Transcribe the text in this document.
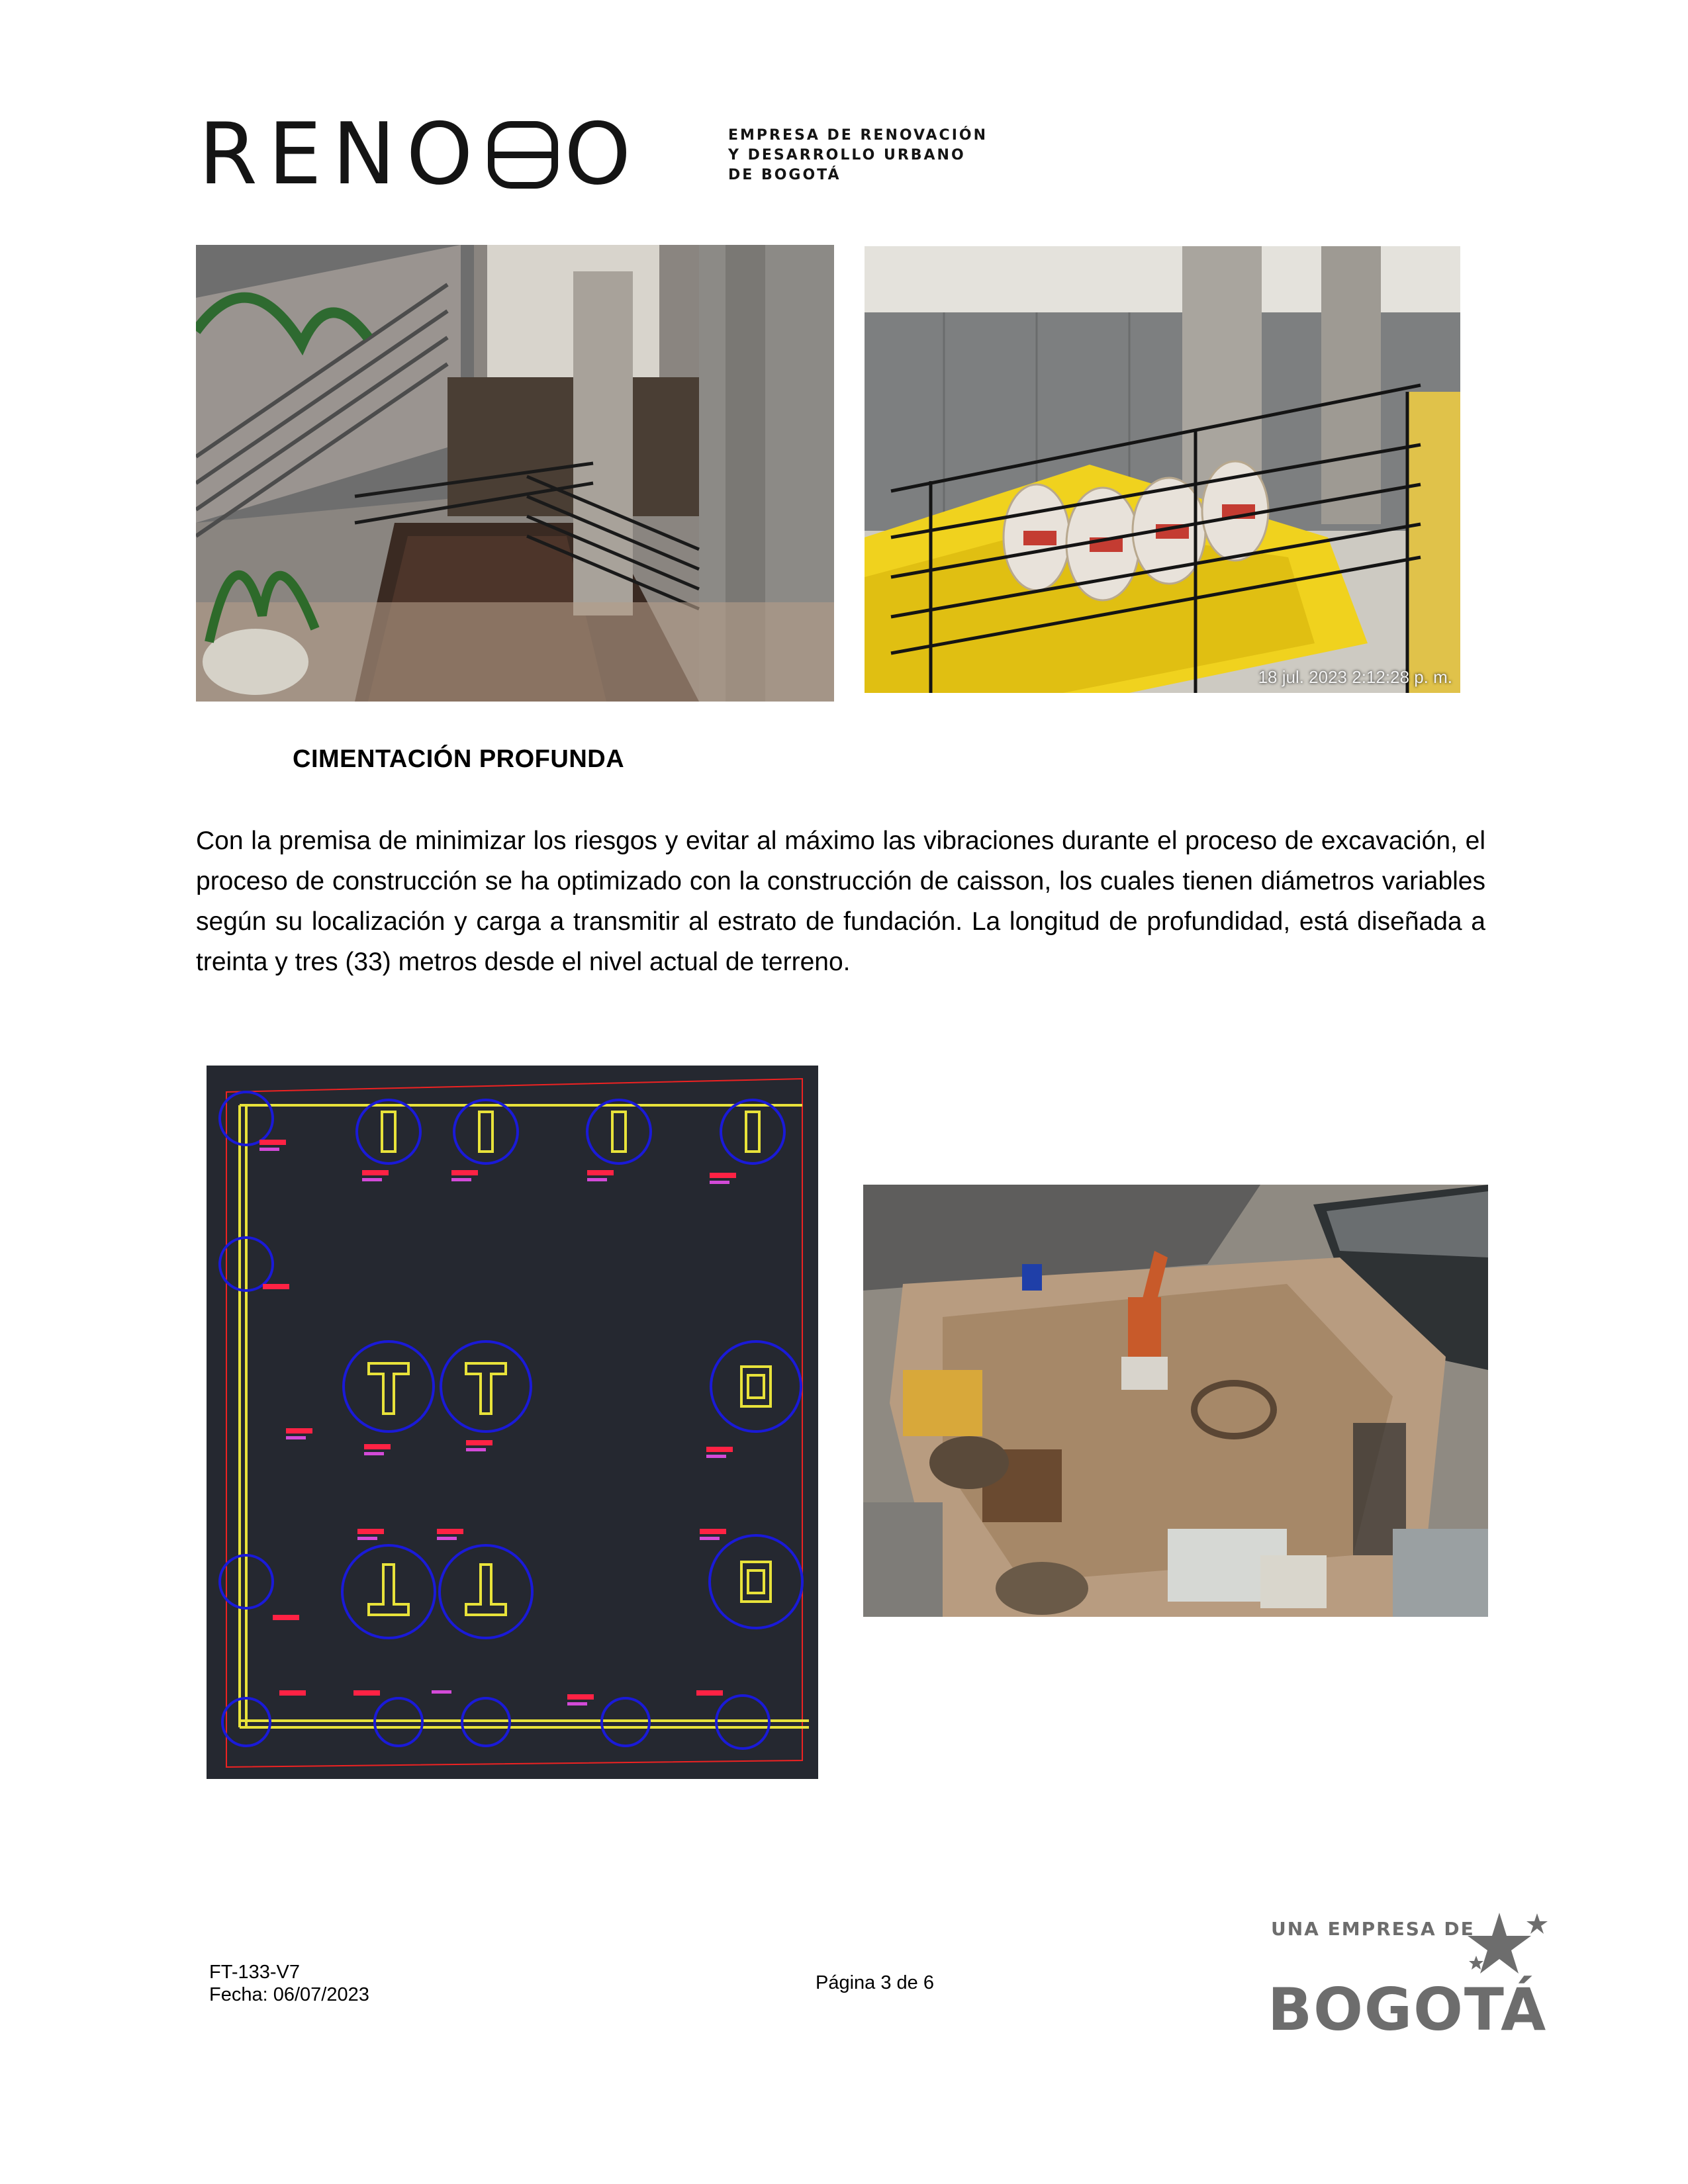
RENO O	EMPRESA DE RENOVACIÓN
Y DESARROLLO URBANO
DE BOGOTÁ
18 jul. 2023 2:12:28 p. m.
CIMENTACIÓN PROFUNDA
Con la premisa de minimizar los riesgos y evitar al máximo las vibraciones durante el proceso de excavación, el proceso de construcción se ha optimizado con la construcción de caisson, los cuales tienen diámetros variables según su localización y carga a transmitir al estrato de fundación. La longitud de profundidad, está diseñada a treinta y tres (33) metros desde el nivel actual de terreno.
FT-133-V7
Fecha: 06/07/2023
Página 3 de 6
UNA EMPRESA DE
BOGOTÁ
